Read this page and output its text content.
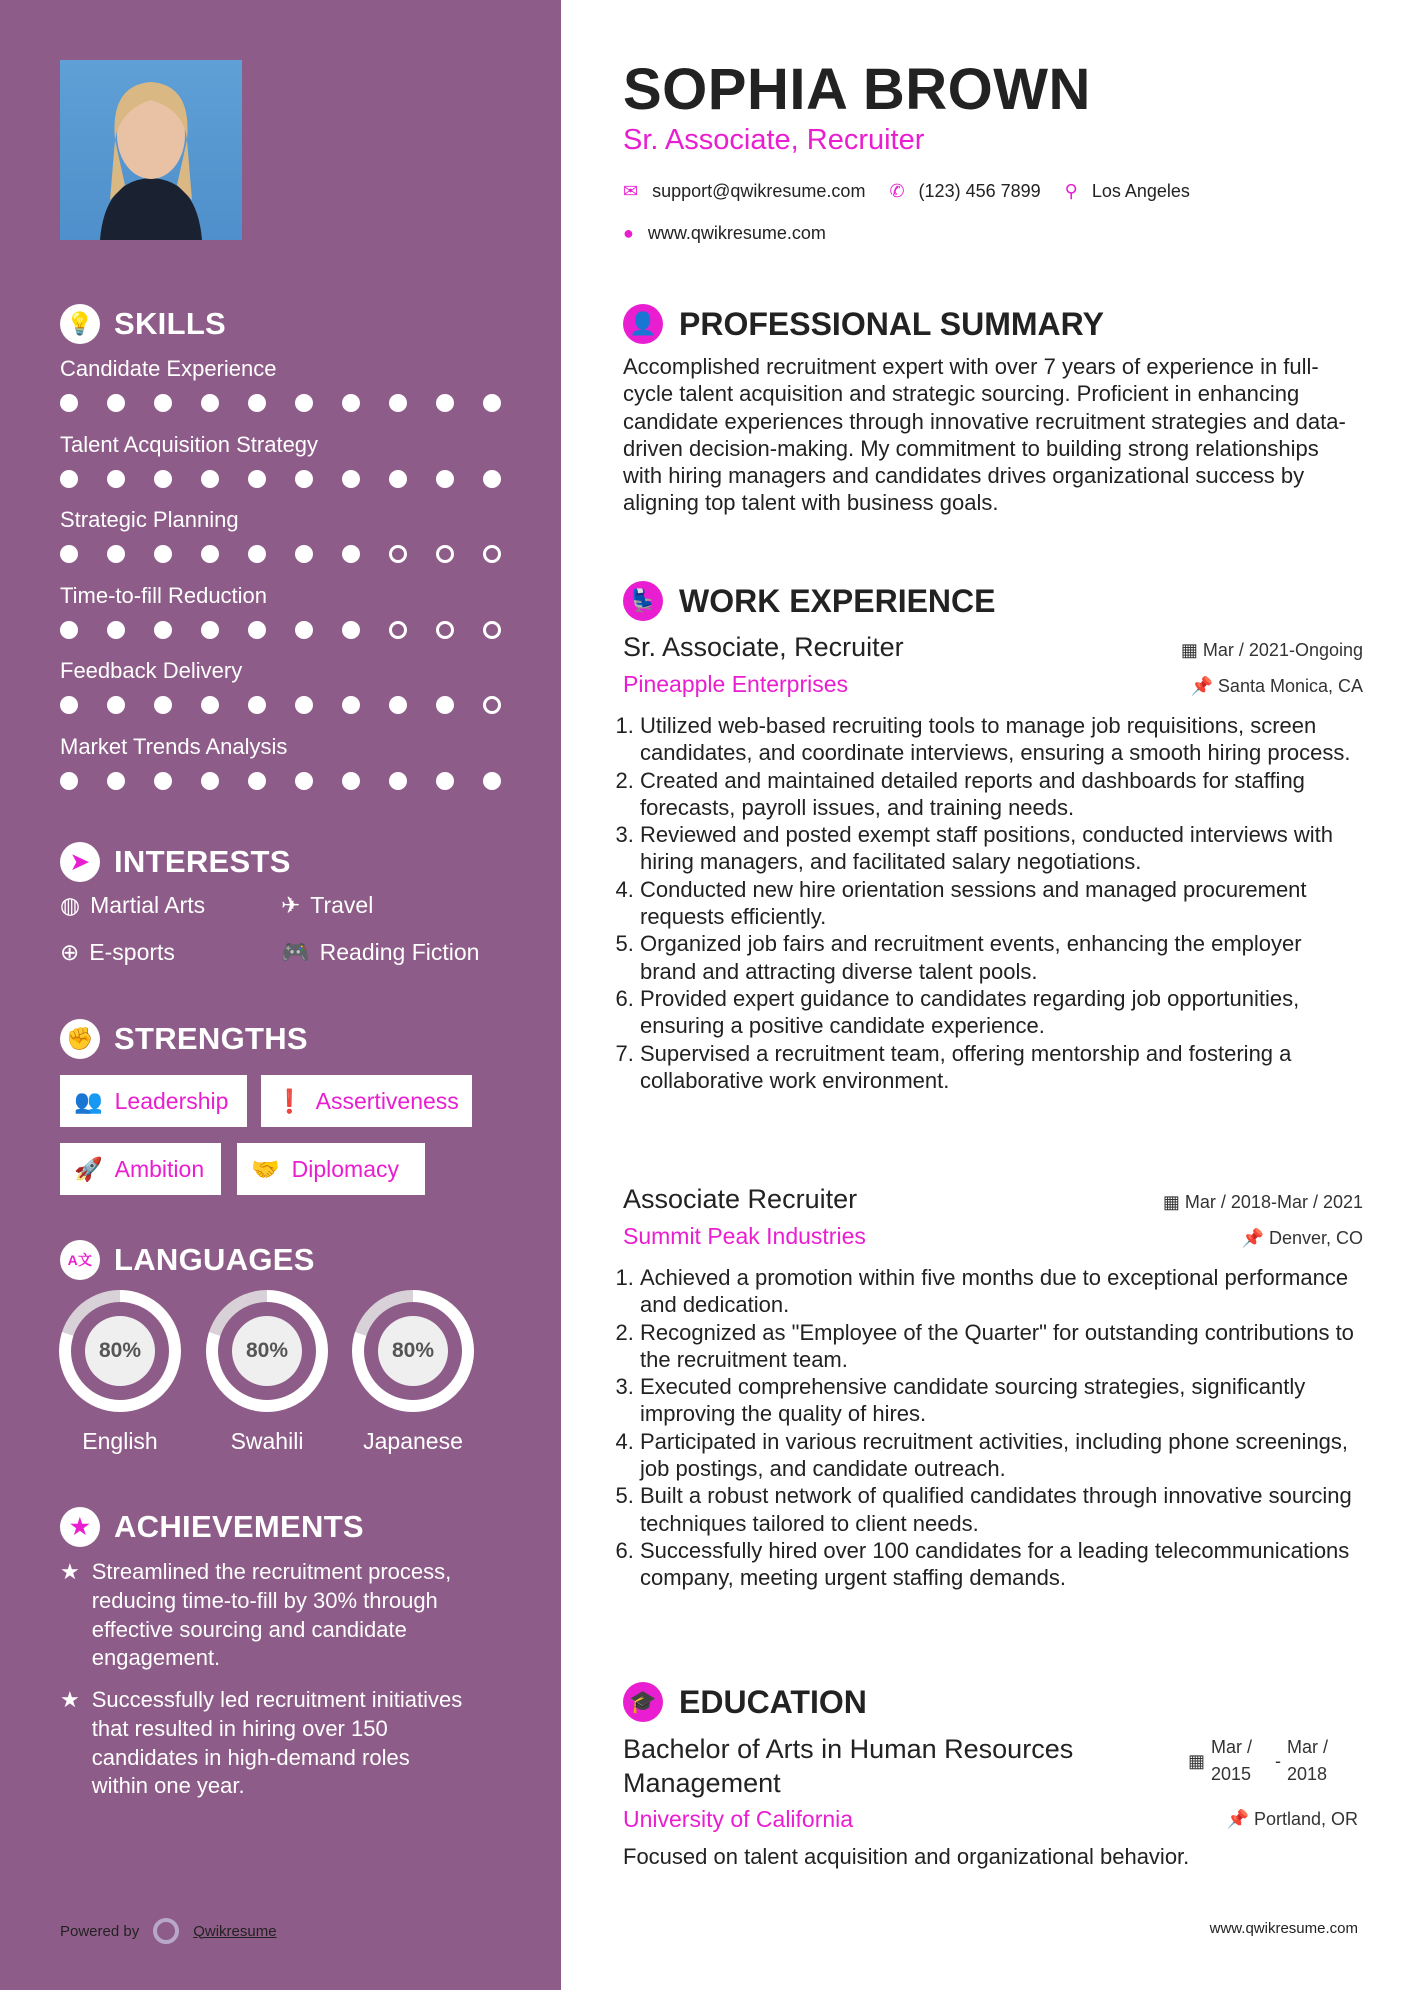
💡 SKILLS
Candidate Experience
Talent Acquisition Strategy
Strategic Planning
Time-to-fill Reduction
Feedback Delivery
Market Trends Analysis
➤ INTERESTS
◍ Martial Arts	✈ Travel
⊕ E-sports	🎮 Reading Fiction
✊ STRENGTHS
👥 Leadership ❗ Assertiveness
🚀 Ambition 🤝 Diplomacy
A文 LANGUAGES
80%	80%	80%
English	Swahili	Japanese
★ ACHIEVEMENTS
★ Streamlined the recruitment process, reducing time-to-fill by 30% through effective sourcing and candidate engagement.

★ Successfully led recruitment initiatives that resulted in hiring over 150 candidates in high-demand roles within one year.

Powered by	Qwikresume
SOPHIA BROWN
Sr. Associate, Recruiter
✉ support@qwikresume.com ✆ (123) 456 7899 ⚲ Los Angeles
● www.qwikresume.com
👤 PROFESSIONAL SUMMARY

Accomplished recruitment expert with over 7 years of experience in full-cycle talent acquisition and strategic sourcing. Proficient in enhancing candidate experiences through innovative recruitment strategies and data-driven decision-making. My commitment to building strong relationships with hiring managers and candidates drives organizational success by aligning top talent with business goals.

💺 WORK EXPERIENCE
Sr. Associate, Recruiter	▦ Mar / 2021-Ongoing
Pineapple Enterprises	📌 Santa Monica, CA
1. Utilized web-based recruiting tools to manage job requisitions, screen candidates, and coordinate interviews, ensuring a smooth hiring process.
2. Created and maintained detailed reports and dashboards for staffing forecasts, payroll issues, and training needs.
3. Reviewed and posted exempt staff positions, conducted interviews with hiring managers, and facilitated salary negotiations.
4. Conducted new hire orientation sessions and managed procurement requests efficiently.
5. Organized job fairs and recruitment events, enhancing the employer brand and attracting diverse talent pools.
6. Provided expert guidance to candidates regarding job opportunities, ensuring a positive candidate experience.
7. Supervised a recruitment team, offering mentorship and fostering a collaborative work environment.
Associate Recruiter	▦ Mar / 2018-Mar / 2021
Summit Peak Industries	📌 Denver, CO
1. Achieved a promotion within five months due to exceptional performance and dedication.
2. Recognized as "Employee of the Quarter" for outstanding contributions to the recruitment team.
3. Executed comprehensive candidate sourcing strategies, significantly improving the quality of hires.
4. Participated in various recruitment activities, including phone screenings, job postings, and candidate outreach.
5. Built a robust network of qualified candidates through innovative sourcing techniques tailored to client needs.
6. Successfully hired over 100 candidates for a leading telecommunications company, meeting urgent staffing demands.
🎓 EDUCATION
Bachelor of Arts in Human Resources Management
▦
Mar / 2015
-
Mar / 2018
University of California	📌 Portland, OR
Focused on talent acquisition and organizational behavior.
www.qwikresume.com
